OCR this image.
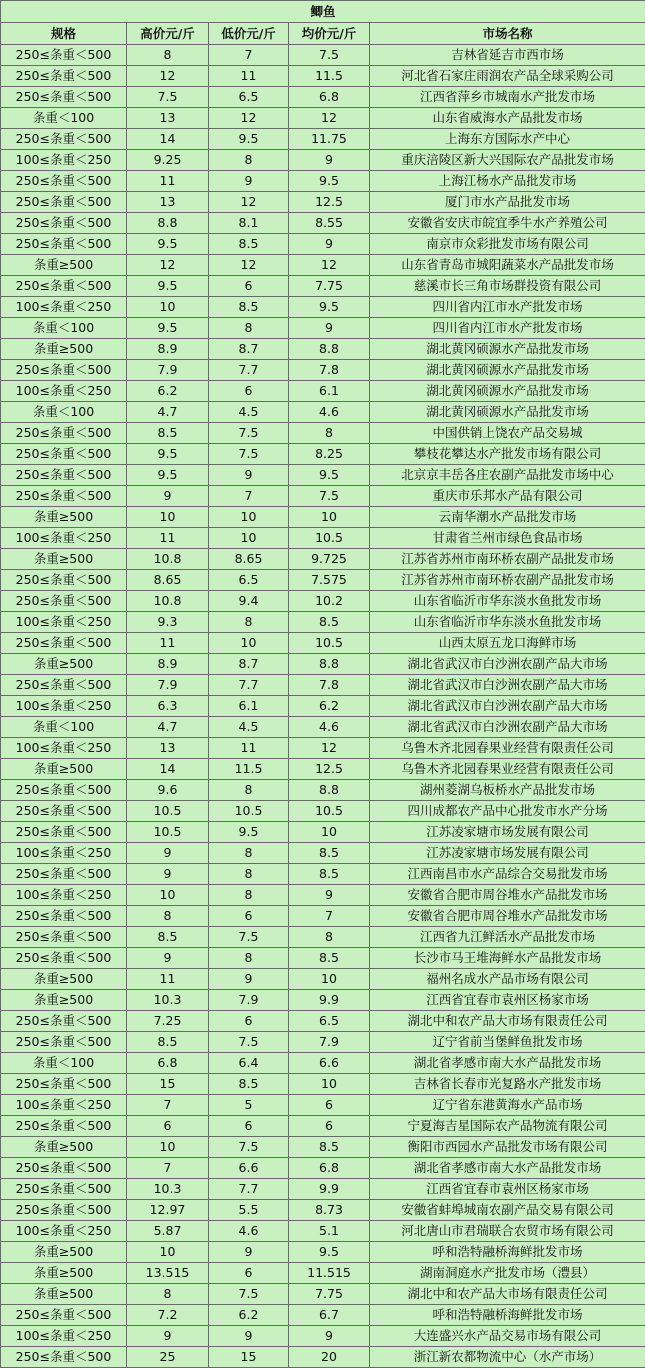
鲫鱼				
规格	高价元/斤	低价元/斤	均价元/斤	市场名称
250≤条重＜500	8	7	7.5	吉林省延吉市西市场
250≤条重＜500	12	11	11.5	河北省石家庄雨润农产品全球采购公司
250≤条重＜500	7.5	6.5	6.8	江西省萍乡市城南水产批发市场
条重＜100	13	12	12	山东省威海水产品批发市场
250≤条重＜500	14	9.5	11.75	上海东方国际水产中心
100≤条重＜250	9.25	8	9	重庆涪陵区新大兴国际农产品批发市场
250≤条重＜500	11	9	9.5	上海江杨水产品批发市场
250≤条重＜500	13	12	12.5	厦门市水产品批发市场
250≤条重＜500	8.8	8.1	8.55	安徽省安庆市皖宜季牛水产养殖公司
250≤条重＜500	9.5	8.5	9	南京市众彩批发市场有限公司
条重≥500	12	12	12	山东省青岛市城阳蔬菜水产品批发市场
250≤条重＜500	9.5	6	7.75	慈溪市长三角市场群投资有限公司
100≤条重＜250	10	8.5	9.5	四川省内江市水产批发市场
条重＜100	9.5	8	9	四川省内江市水产批发市场
条重≥500	8.9	8.7	8.8	湖北黄冈硕源水产品批发市场
250≤条重＜500	7.9	7.7	7.8	湖北黄冈硕源水产品批发市场
100≤条重＜250	6.2	6	6.1	湖北黄冈硕源水产品批发市场
条重＜100	4.7	4.5	4.6	湖北黄冈硕源水产品批发市场
250≤条重＜500	8.5	7.5	8	中国供销上饶农产品交易城
250≤条重＜500	9.5	7.5	8.25	攀枝花攀达水产批发市场有限公司
250≤条重＜500	9.5	9	9.5	北京京丰岳各庄农副产品批发市场中心
250≤条重＜500	9	7	7.5	重庆市乐邦水产品有限公司
条重≥500	10	10	10	云南华潮水产品批发市场
100≤条重＜250	11	10	10.5	甘肃省兰州市绿色食品市场
条重≥500	10.8	8.65	9.725	江苏省苏州市南环桥农副产品批发市场
250≤条重＜500	8.65	6.5	7.575	江苏省苏州市南环桥农副产品批发市场
250≤条重＜500	10.8	9.4	10.2	山东省临沂市华东淡水鱼批发市场
100≤条重＜250	9.3	8	8.5	山东省临沂市华东淡水鱼批发市场
250≤条重＜500	11	10	10.5	山西太原五龙口海鲜市场
条重≥500	8.9	8.7	8.8	湖北省武汉市白沙洲农副产品大市场
250≤条重＜500	7.9	7.7	7.8	湖北省武汉市白沙洲农副产品大市场
100≤条重＜250	6.3	6.1	6.2	湖北省武汉市白沙洲农副产品大市场
条重＜100	4.7	4.5	4.6	湖北省武汉市白沙洲农副产品大市场
100≤条重＜250	13	11	12	乌鲁木齐北园春果业经营有限责任公司
条重≥500	14	11.5	12.5	乌鲁木齐北园春果业经营有限责任公司
250≤条重＜500	9.6	8	8.8	湖州菱湖乌板桥水产品批发市场
250≤条重＜500	10.5	10.5	10.5	四川成都农产品中心批发市水产分场
250≤条重＜500	10.5	9.5	10	江苏凌家塘市场发展有限公司
100≤条重＜250	9	8	8.5	江苏凌家塘市场发展有限公司
250≤条重＜500	9	8	8.5	江西南昌市水产品综合交易批发市场
100≤条重＜250	10	8	9	安徽省合肥市周谷堆水产品批发市场
250≤条重＜500	8	6	7	安徽省合肥市周谷堆水产品批发市场
250≤条重＜500	8.5	7.5	8	江西省九江鲜活水产品批发市场
250≤条重＜500	9	8	8.5	长沙市马王堆海鲜水产品批发市场
条重≥500	11	9	10	福州名成水产品市场有限公司
条重≥500	10.3	7.9	9.9	江西省宜春市袁州区杨家市场
250≤条重＜500	7.25	6	6.5	湖北中和农产品大市场有限责任公司
250≤条重＜500	8.5	7.5	7.9	辽宁省前当堡鲜鱼批发市场
条重＜100	6.8	6.4	6.6	湖北省孝感市南大水产品批发市场
250≤条重＜500	15	8.5	10	吉林省长春市光复路水产批发市场
100≤条重＜250	7	5	6	辽宁省东港黄海水产品市场
250≤条重＜500	6	6	6	宁夏海吉星国际农产品物流有限公司
条重≥500	10	7.5	8.5	衡阳市西园水产品批发市场有限公司
250≤条重＜500	7	6.6	6.8	湖北省孝感市南大水产品批发市场
250≤条重＜500	10.3	7.7	9.9	江西省宜春市袁州区杨家市场
250≤条重＜500	12.97	5.5	8.73	安徽省蚌埠城南农副产品交易有限公司
100≤条重＜250	5.87	4.6	5.1	河北唐山市君瑞联合农贸市场有限公司
条重≥500	10	9	9.5	呼和浩特融桥海鲜批发市场
条重≥500	13.515	6	11.515	湖南洞庭水产批发市场（澧县）
条重≥500	8	7.5	7.75	湖北中和农产品大市场有限责任公司
250≤条重＜500	7.2	6.2	6.7	呼和浩特融桥海鲜批发市场
100≤条重＜250	9	9	9	大连盛兴水产品交易市场有限公司
250≤条重＜500	25	15	20	浙江新农都物流中心（水产市场）
